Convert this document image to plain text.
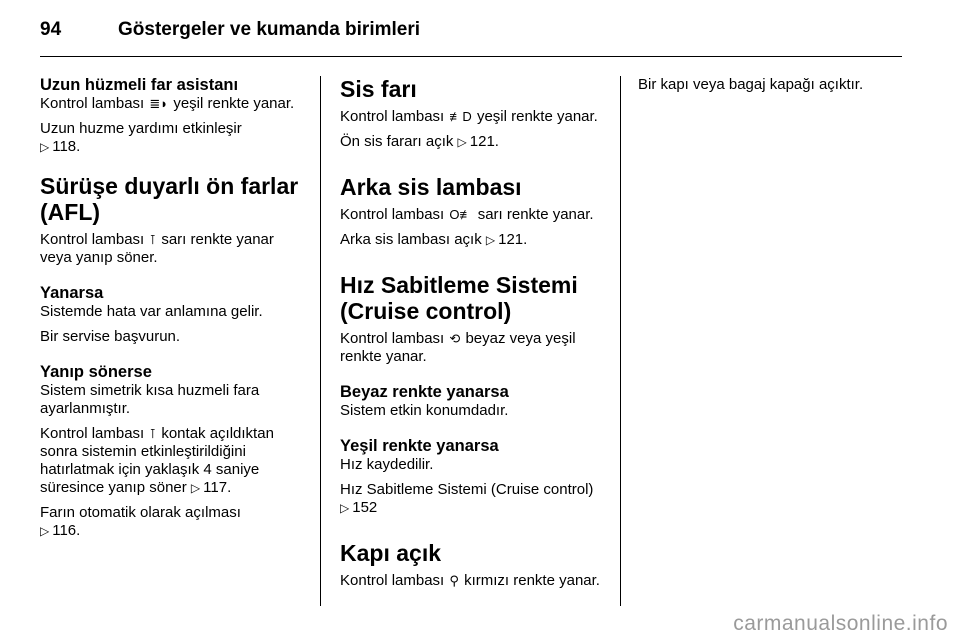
94	Göstergeler ve kumanda birimleri
Uzun hüzmeli far asistanı
Kontrol lambası ≣◗ yeşil renkte yanar.
Uzun huzme yardımı etkinleşir
▷ 118.
Sürüşe duyarlı ön farlar (AFL)
Kontrol lambası ⊺ sarı renkte yanar veya yanıp söner.
Yanarsa
Sistemde hata var anlamına gelir.
Bir servise başvurun.
Yanıp sönerse
Sistem simetrik kısa huzmeli fara ayarlanmıştır.
Kontrol lambası ⊺ kontak açıldıktan sonra sistemin etkinleştirildiğini hatırlatmak için yaklaşık 4 saniye süresince yanıp söner ▷ 117.
Farın otomatik olarak açılması
▷ 116.
Sis farı
Kontrol lambası ≢D yeşil renkte yanar.
Ön sis fararı açık ▷ 121.
Arka sis lambası
Kontrol lambası O≢ sarı renkte yanar.
Arka sis lambası açık ▷ 121.
Hız Sabitleme Sistemi (Cruise control)
Kontrol lambası ⟲ beyaz veya yeşil renkte yanar.
Beyaz renkte yanarsa
Sistem etkin konumdadır.
Yeşil renkte yanarsa
Hız kaydedilir.
Hız Sabitleme Sistemi (Cruise control) ▷ 152
Kapı açık
Kontrol lambası ⚲ kırmızı renkte yanar.
Bir kapı veya bagaj kapağı açıktır.
carmanualsonline.info
